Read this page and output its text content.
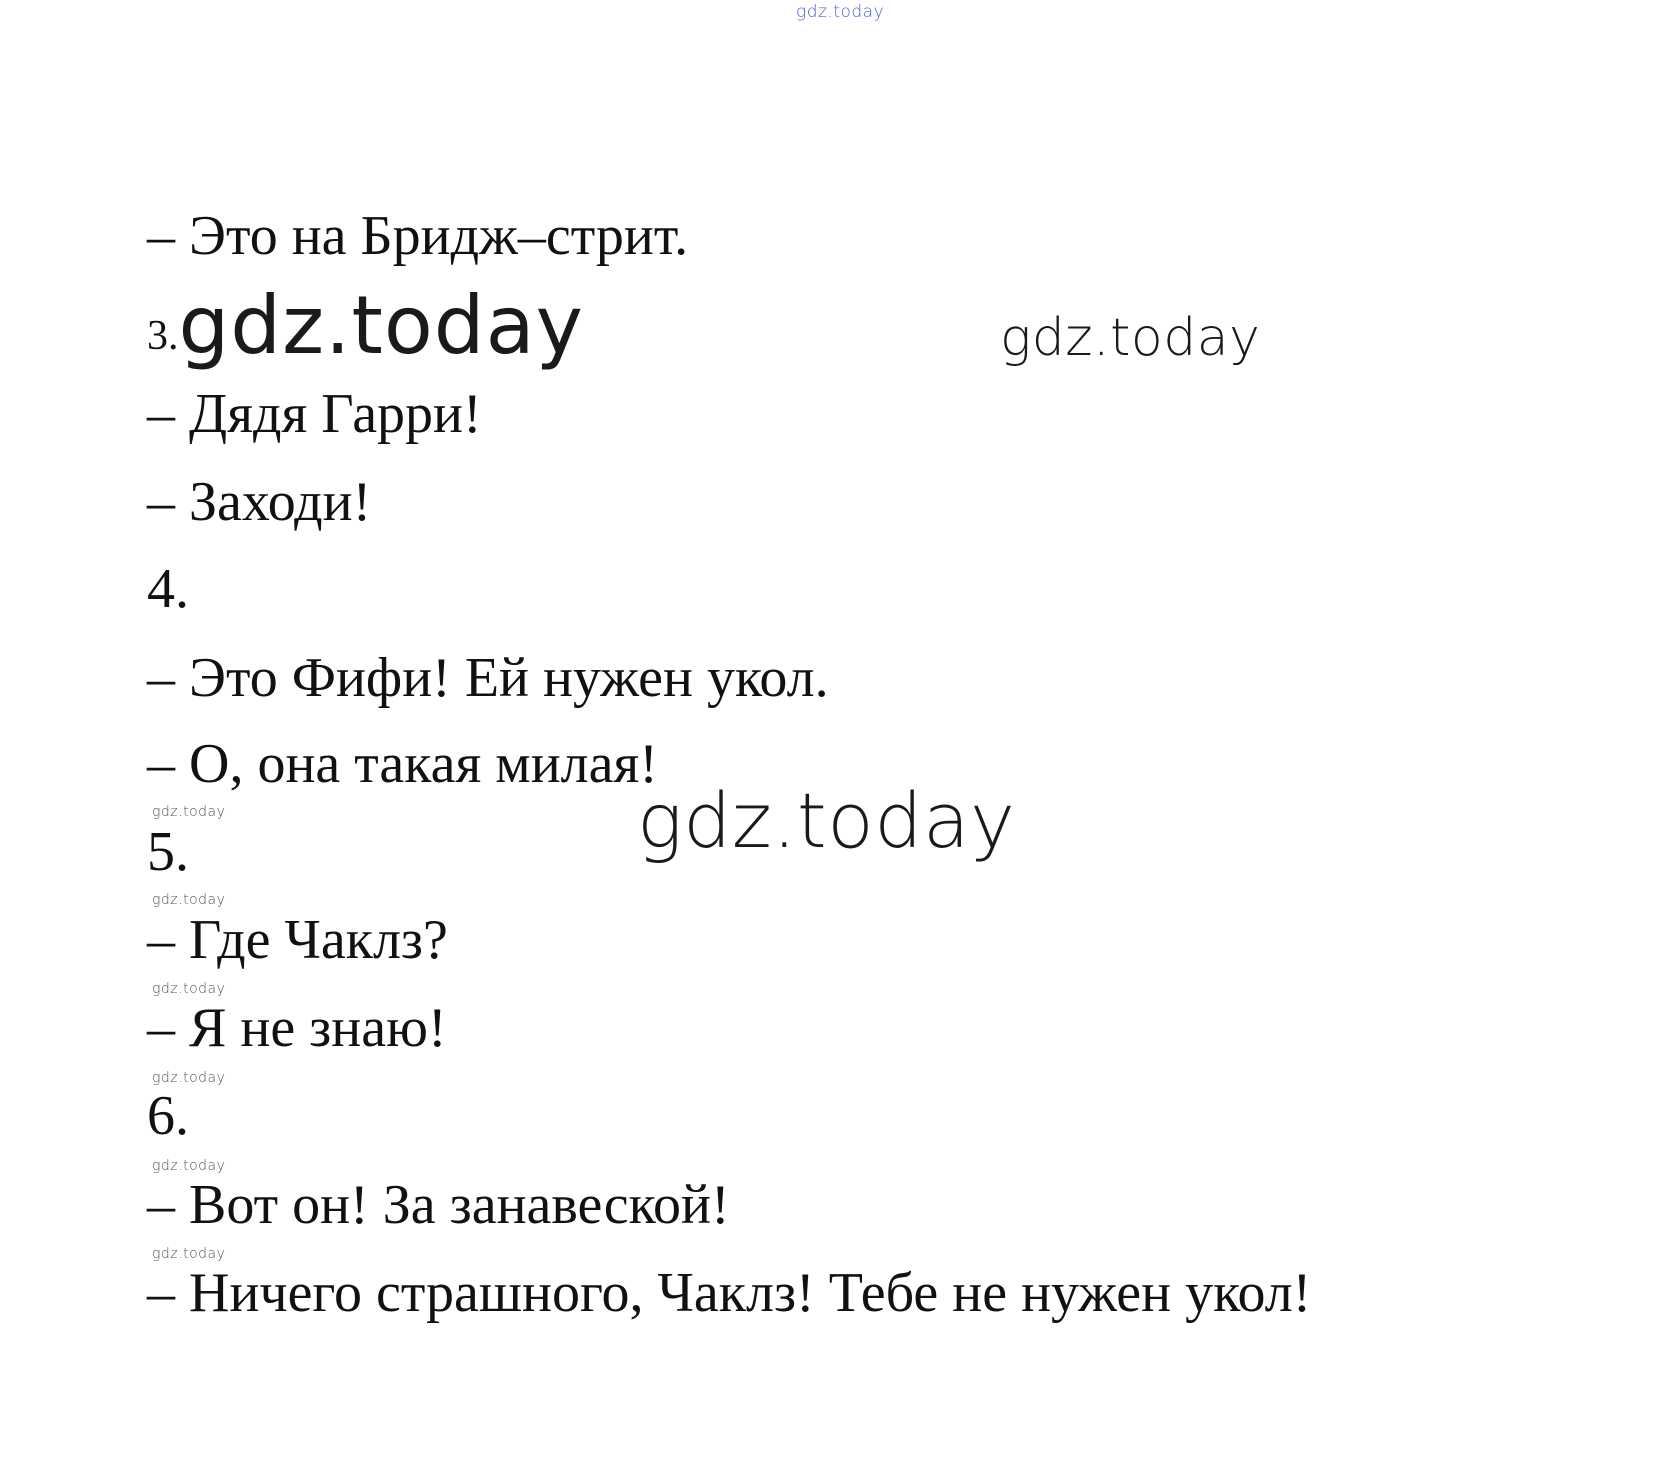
gdz.today
– Это на Бридж–стрит.
3.gdz.today	gdz.today
– Дядя Гарри!
– Заходи!
4.
– Это Фифи! Ей нужен укол.
– О, она такая милая!
gdz.today
gdz.today
5.
gdz.today
– Где Чаклз?
gdz.today
– Я не знаю!
gdz.today
6.
gdz.today
– Вот он! За занавеской!
gdz.today
– Ничего страшного, Чаклз! Тебе не нужен укол!
